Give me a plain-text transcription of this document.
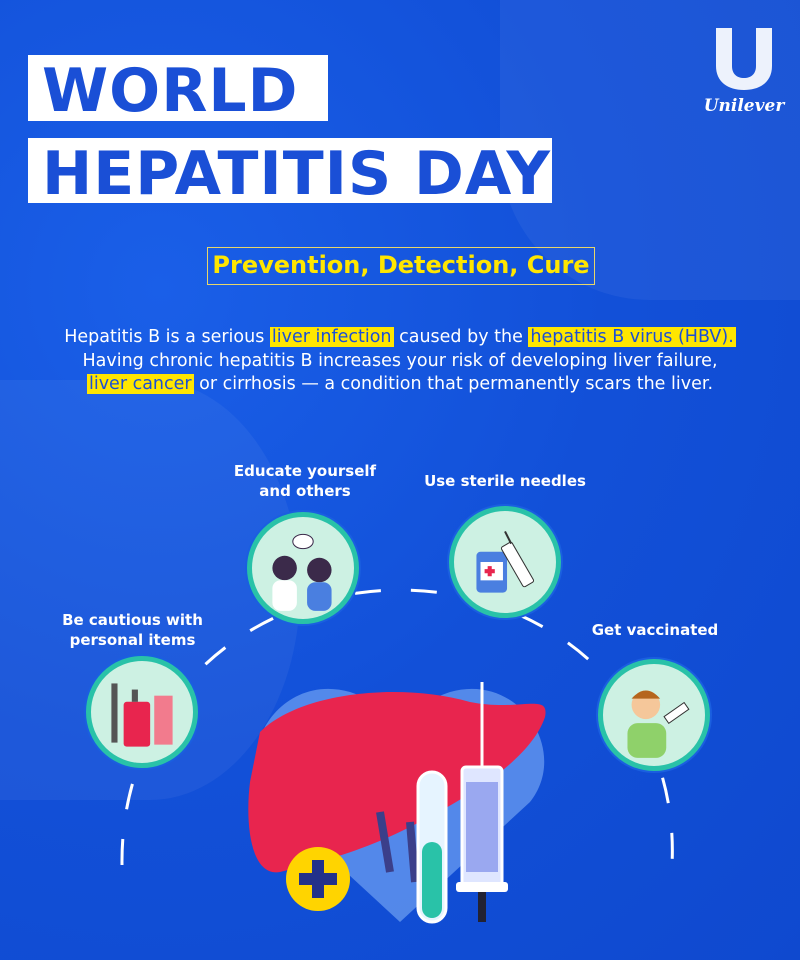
WORLD
HEPATITIS DAY
Unilever
Prevention, Detection, Cure
Hepatitis B is a serious liver infection caused by the hepatitis B virus (HBV).
Having chronic hepatitis B increases your risk of developing liver failure,
liver cancer or cirrhosis — a condition that permanently scars the liver.
Educate yourself and others
Use sterile needles
Be cautious with personal items
Get vaccinated
